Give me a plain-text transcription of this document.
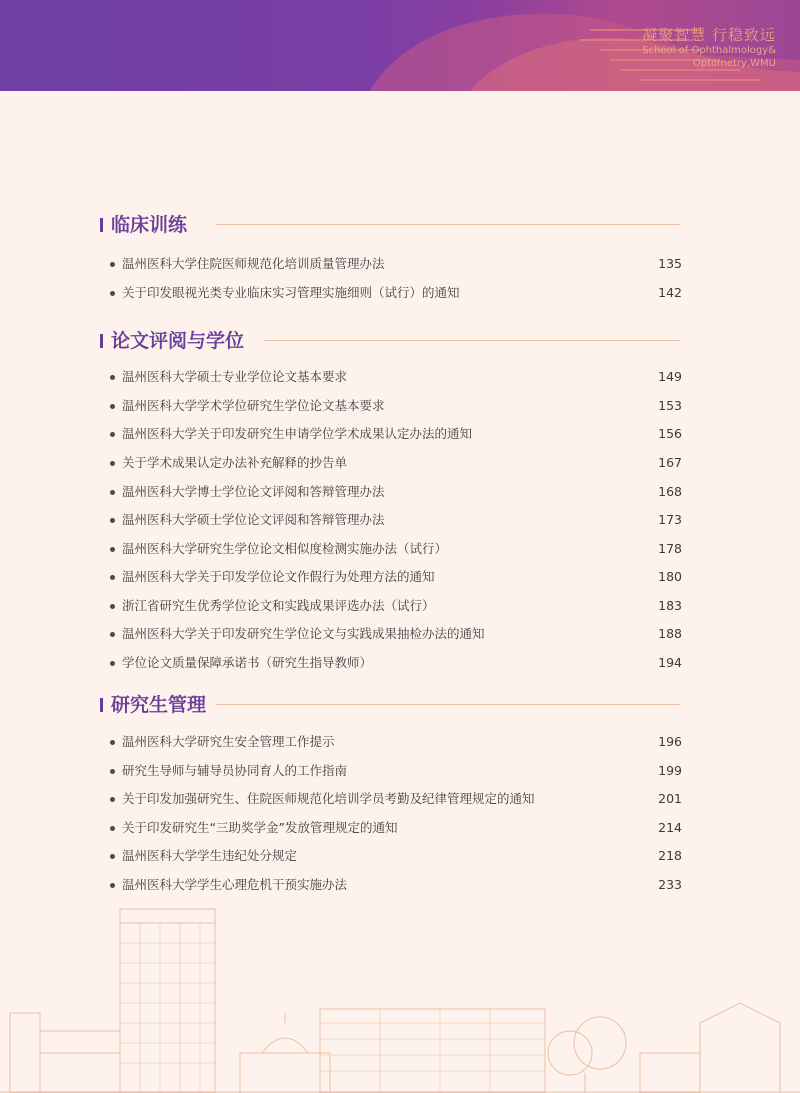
凝聚智慧 行稳致远
School of Ophthalmology&
Optometry,WMU
临床训练
温州医科大学住院医师规范化培训质量管理办法	135
关于印发眼视光类专业临床实习管理实施细则（试行）的通知	142
论文评阅与学位
温州医科大学硕士专业学位论文基本要求	149
温州医科大学学术学位研究生学位论文基本要求	153
温州医科大学关于印发研究生申请学位学术成果认定办法的通知	156
关于学术成果认定办法补充解释的抄告单	167
温州医科大学博士学位论文评阅和答辩管理办法	168
温州医科大学硕士学位论文评阅和答辩管理办法	173
温州医科大学研究生学位论文相似度检测实施办法（试行）	178
温州医科大学关于印发学位论文作假行为处理方法的通知	180
浙江省研究生优秀学位论文和实践成果评选办法（试行）	183
温州医科大学关于印发研究生学位论文与实践成果抽检办法的通知	188
学位论文质量保障承诺书（研究生指导教师）	194
研究生管理
温州医科大学研究生安全管理工作提示	196
研究生导师与辅导员协同育人的工作指南	199
关于印发加强研究生、住院医师规范化培训学员考勤及纪律管理规定的通知	201
关于印发研究生“三助奖学金”发放管理规定的通知	214
温州医科大学学生违纪处分规定	218
温州医科大学学生心理危机干预实施办法	233
